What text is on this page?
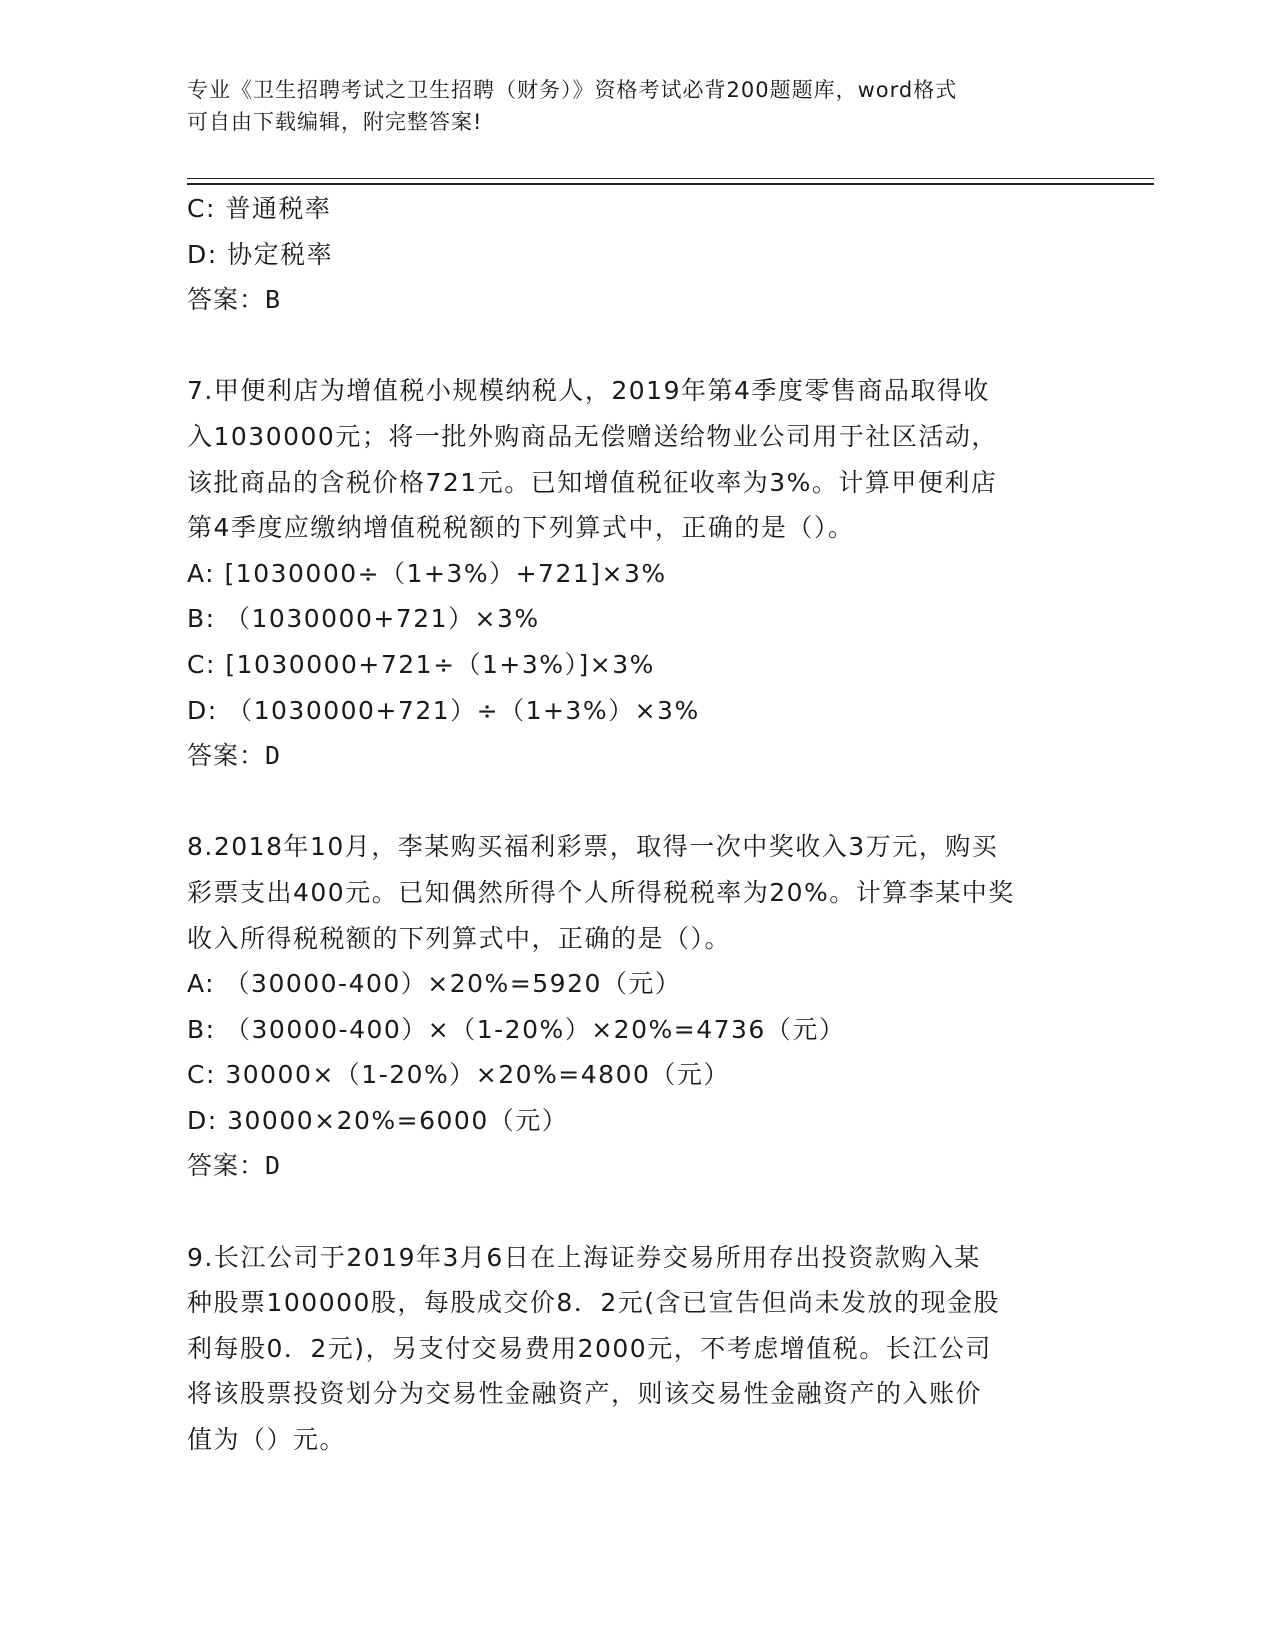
专业《卫生招聘考试之卫生招聘（财务）》资格考试必背200题题库，word格式
可自由下载编辑，附完整答案!
C: 普通税率
D: 协定税率
答案：B
7.甲便利店为增值税小规模纳税人，2019年第4季度零售商品取得收
入1030000元；将一批外购商品无偿赠送给物业公司用于社区活动，
该批商品的含税价格721元。已知增值税征收率为3%。计算甲便利店
第4季度应缴纳增值税税额的下列算式中，正确的是（）。
A: [1030000÷（1+3%）+721]×3%
B: （1030000+721）×3%
C: [1030000+721÷（1+3%）]×3%
D: （1030000+721）÷（1+3%）×3%
答案：D
8.2018年10月，李某购买福利彩票，取得一次中奖收入3万元，购买
彩票支出400元。已知偶然所得个人所得税税率为20%。计算李某中奖
收入所得税税额的下列算式中，正确的是（）。
A: （30000-400）×20%=5920（元）
B: （30000-400）×（1-20%）×20%=4736（元）
C: 30000×（1-20%）×20%=4800（元）
D: 30000×20%=6000（元）
答案：D
9.长江公司于2019年3月6日在上海证券交易所用存出投资款购入某
种股票100000股，每股成交价8．2元(含已宣告但尚未发放的现金股
利每股0．2元)，另支付交易费用2000元，不考虑增值税。长江公司
将该股票投资划分为交易性金融资产，则该交易性金融资产的入账价
值为（）元。
